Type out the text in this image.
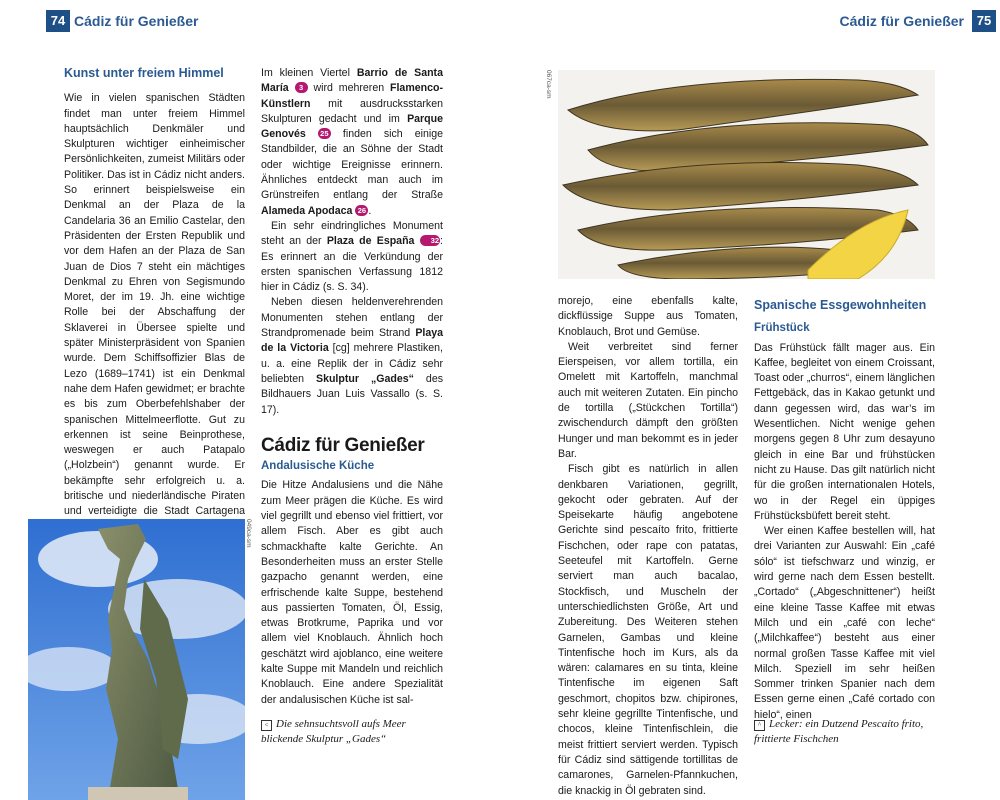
74 Cádiz für Genießer
Kunst unter freiem Himmel

Wie in vielen spanischen Städten findet man unter freiem Himmel hauptsächlich Denkmäler und Skulpturen wichtiger einheimischer Persönlichkeiten, zumeist Militärs oder Politiker. Das ist in Cádiz nicht anders. So erinnert beispielsweise ein Denkmal an der Plaza de la Candelaria 36 an Emilio Castelar, den Präsidenten der Ersten Republik und vor dem Hafen an der Plaza de San Juan de Dios 7 steht ein mächtiges Denkmal zu Ehren von Segismundo Moret, der im 19. Jh. eine wichtige Rolle bei der Abschaffung der Sklaverei in Übersee spielte und später Ministerpräsident von Spanien wurde. Dem Schiffsoffizier Blas de Lezo (1689–1741) ist ein Denkmal nahe dem Hafen gewidmet; er brachte es bis zum Oberbefehlshaber der spanischen Mittelmeerflotte. Gut zu erkennen ist seine Beinprothese, weswegen er auch Patapalo („Holzbein“) genannt wurde. Er bekämpfte sehr erfolgreich u. a. britische und niederländische Piraten und verteidigte die Stadt Cartagena

049ca-sm

Im kleinen Viertel Barrio de Santa María 3 wird mehreren Flamenco-Künstlern mit ausdrucksstarken Skulpturen gedacht und im Parque Genovés 25 finden sich einige Standbilder, die an Söhne der Stadt oder wichtige Ereignisse erinnern. Ähnliches entdeckt man auch im Grünstreifen entlang der Straße Alameda Apodaca 26 .

Ein sehr eindringliches Monument steht an der Plaza de España 32: Es erinnert an die Verkündung der ersten spanischen Verfassung 1812 hier in Cádiz (s. S. 34).

Neben diesen heldenverehrenden Monumenten stehen entlang der Strandpromenade beim Strand Playa de la Victoria [cg] mehrere Plastiken, u. a. eine Replik der in Cádiz sehr beliebten Skulptur „Gades“ des Bildhauers Juan Luis Vassallo (s. S. 17).

Cádiz für Genießer
Andalusische Küche

Die Hitze Andalusiens und die Nähe zum Meer prägen die Küche. Es wird viel gegrillt und ebenso viel frittiert, vor allem Fisch. Aber es gibt auch schmackhafte kalte Gerichte. An Besonderheiten muss an erster Stelle gazpacho genannt werden, eine erfrischende kalte Suppe, bestehend aus passierten Tomaten, Öl, Essig, etwas Brotkrume, Paprika und vor allem viel Knoblauch. Ähnlich hoch geschätzt wird ajoblanco, eine weitere kalte Suppe mit Mandeln und reichlich Knoblauch. Eine andere Spezialität der andalusischen Küche ist sal-

< Die sehnsuchtsvoll aufs Meer blickende Skulptur „Gades“
Cádiz für Genießer 75
067ca-sm

morejo, eine ebenfalls kalte, dickflüssige Suppe aus Tomaten, Knoblauch, Brot und Gemüse.

Weit verbreitet sind ferner Eierspeisen, vor allem tortilla, ein Omelett mit Kartoffeln, manchmal auch mit weiteren Zutaten. Ein pincho de tortilla („Stückchen Tortilla“) zwischendurch dämpft den größten Hunger und man bekommt es in jeder Bar.

Fisch gibt es natürlich in allen denkbaren Variationen, gegrillt, gekocht oder gebraten. Auf der Speisekarte häufig angebotene Gerichte sind pescaíto frito, frittierte Fischchen, oder rape con patatas, Seeteufel mit Kartoffeln. Gerne serviert man auch bacalao, Stockfisch, und Muscheln der unterschiedlichsten Größe, Art und Zubereitung. Des Weiteren stehen Garnelen, Gambas und kleine Tintenfische hoch im Kurs, als da wären: calamares en su tinta, kleine Tintenfische im eigenen Saft geschmort, chopitos bzw. chipirones, sehr kleine gegrillte Tintenfische, und chocos, kleine Tintenfischlein, die meist frittiert serviert werden. Typisch für Cádiz sind sättigende tortillitas de camarones, Garnelen-Pfannkuchen, die knackig in Öl gebraten sind.

Spanische Essgewohnheiten
Frühstück

Das Frühstück fällt mager aus. Ein Kaffee, begleitet von einem Croissant, Toast oder „churros“, einem länglichen Fettgebäck, das in Kakao getunkt und dann gegessen wird, das war’s im Wesentlichen. Nicht wenige gehen morgens gegen 8 Uhr zum desayuno gleich in eine Bar und frühstücken nicht zu Hause. Das gilt natürlich nicht für die großen internationalen Hotels, wo in der Regel ein üppiges Frühstücksbüfett bereit steht.

Wer einen Kaffee bestellen will, hat drei Varianten zur Auswahl: Ein „café sólo“ ist tiefschwarz und winzig, er wird gerne nach dem Essen bestellt. „Cortado“ („Abgeschnittener“) heißt eine kleine Tasse Kaffee mit etwas Milch und ein „café con leche“ („Milchkaffee“) besteht aus einer normal großen Tasse Kaffee mit viel Milch. Speziell im sehr heißen Sommer trinken Spanier nach dem Essen gerne einen „Café cortado con hielo“, einen

^ Lecker: ein Dutzend Pescaíto frito, frittierte Fischchen
